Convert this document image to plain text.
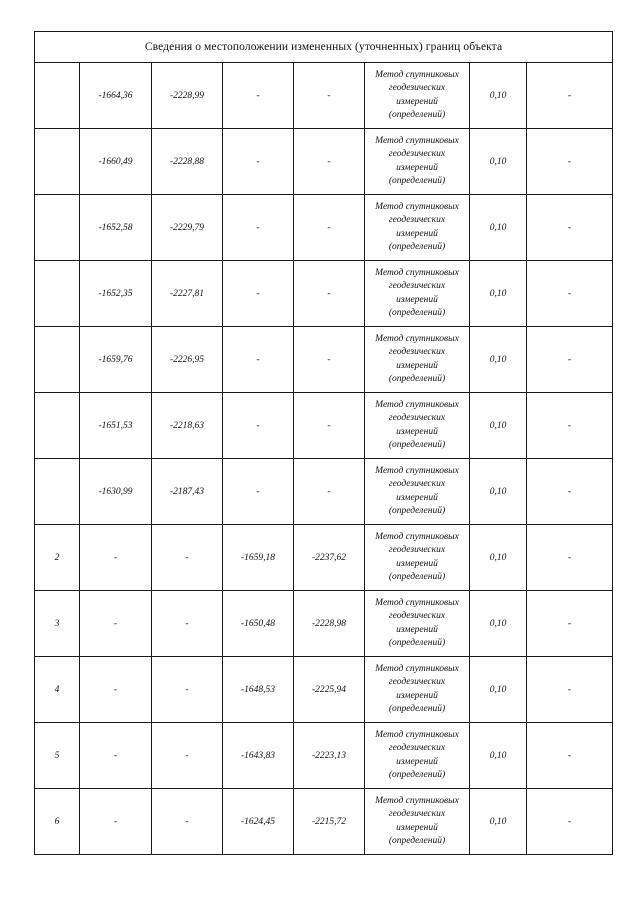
Сведения о местоположении измененных (уточненных) границ объекта							
	-1664,36	-2228,99	-	-	Метод спутниковых
геодезических
измерений
(определений)	0,10	-
	-1660,49	-2228,88	-	-	Метод спутниковых
геодезических
измерений
(определений)	0,10	-
	-1652,58	-2229,79	-	-	Метод спутниковых
геодезических
измерений
(определений)	0,10	-
	-1652,35	-2227,81	-	-	Метод спутниковых
геодезических
измерений
(определений)	0,10	-
	-1659,76	-2226,95	-	-	Метод спутниковых
геодезических
измерений
(определений)	0,10	-
	-1651,53	-2218,63	-	-	Метод спутниковых
геодезических
измерений
(определений)	0,10	-
	-1630,99	-2187,43	-	-	Метод спутниковых
геодезических
измерений
(определений)	0,10	-
2	-	-	-1659,18	-2237,62	Метод спутниковых
геодезических
измерений
(определений)	0,10	-
3	-	-	-1650,48	-2228,98	Метод спутниковых
геодезических
измерений
(определений)	0,10	-
4	-	-	-1648,53	-2225,94	Метод спутниковых
геодезических
измерений
(определений)	0,10	-
5	-	-	-1643,83	-2223,13	Метод спутниковых
геодезических
измерений
(определений)	0,10	-
6	-	-	-1624,45	-2215,72	Метод спутниковых
геодезических
измерений
(определений)	0,10	-
